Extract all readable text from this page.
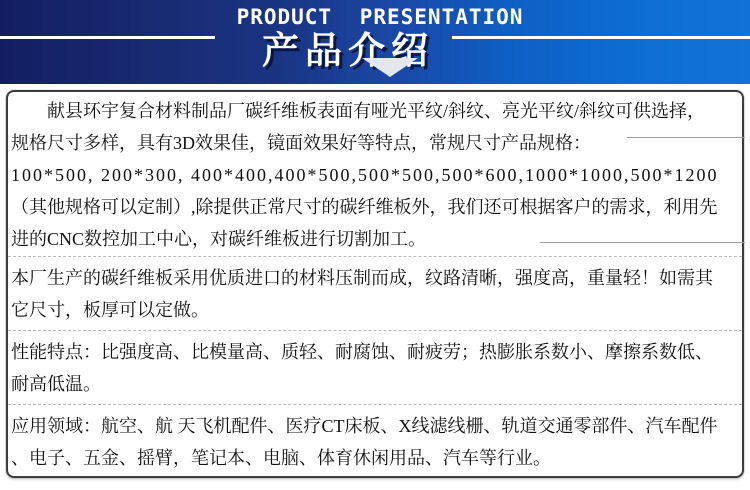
PRODUCT PRESENTATION
产品介绍
献县环宇复合材料制品厂碳纤维板表面有哑光平纹/斜纹、亮光平纹/斜纹可供选择，
规格尺寸多样，具有3D效果佳，镜面效果好等特点，常规尺寸产品规格：
100*500, 200*300, 400*400,400*500,500*500,500*600,1000*1000,500*1200
（其他规格可以定制）,除提供正常尺寸的碳纤维板外，我们还可根据客户的需求，利用先
进的CNC数控加工中心，对碳纤维板进行切割加工。
本厂生产的碳纤维板采用优质进口的材料压制而成，纹路清晰，强度高，重量轻！如需其
它尺寸，板厚可以定做。
性能特点：比强度高、比模量高、质轻、耐腐蚀、耐疲劳；热膨胀系数小、摩擦系数低、
耐高低温。
应用领域：航空、航 天飞机配件、医疗CT床板、X线滤线栅、轨道交通零部件、汽车配件
、电子、五金、摇臂，笔记本、电脑、体育休闲用品、汽车等行业。
